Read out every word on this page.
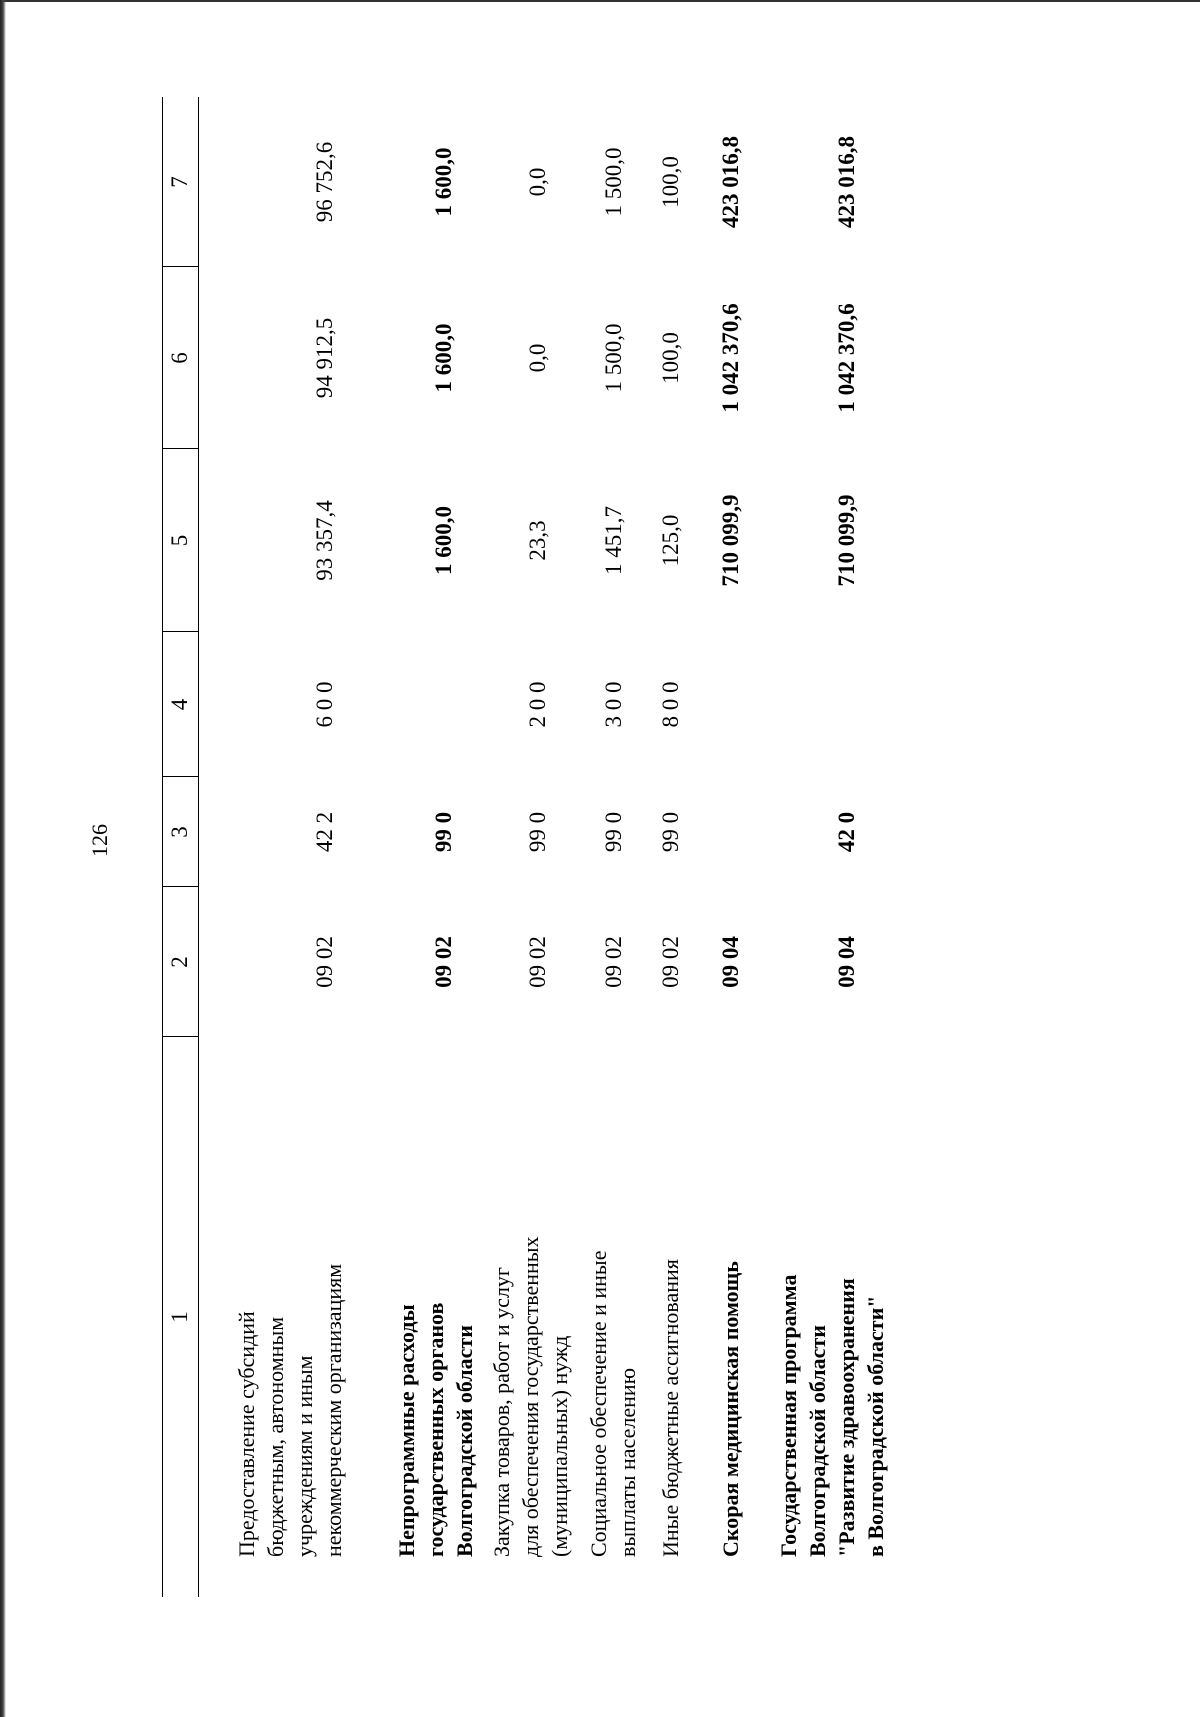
126
1
2
3
4
5
6
7
Предоставление субсидий бюджетным, автономным учреждениям и иным некоммерческим организациям
09 02
42 2
6 0 0
93 357,4
94 912,5
96 752,6
Непрограммные расходы государственных органов Волгоградской области
09 02
99 0
1 600,0
1 600,0
1 600,0
Закупка товаров, работ и услуг для обеспечения государственных (муниципальных) нужд
09 02
99 0
2 0 0
23,3
0,0
0,0
Социальное обеспечение и иные выплаты населению
09 02
99 0
3 0 0
1 451,7
1 500,0
1 500,0
Иные бюджетные ассигнования
09 02
99 0
8 0 0
125,0
100,0
100,0
Скорая медицинская помощь
09 04
710 099,9
1 042 370,6
423 016,8
Государственная программа Волгоградской области "Развитие здравоохранения в Волгоградской области"
09 04
42 0
710 099,9
1 042 370,6
423 016,8
